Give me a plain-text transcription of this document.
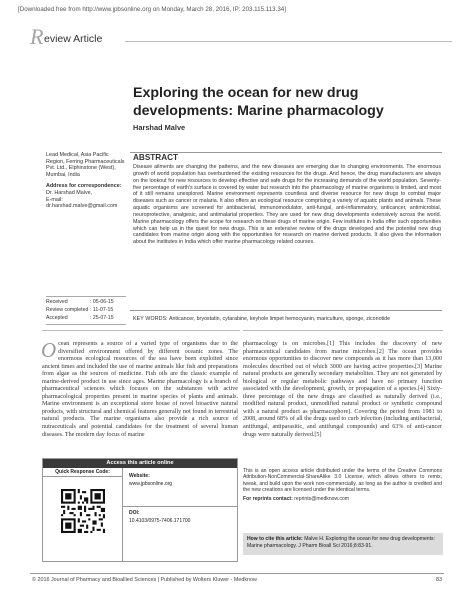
[Downloaded free from http://www.jpbsonline.org on Monday, March 28, 2016, IP: 203.115.113.34]
R eview Article
Exploring the ocean for new drug developments: Marine pharmacology
Harshad Malve
Lead Medical, Asia Pacific Region, Ferring Pharmaceuticals Pvt. Ltd., Elphinstone (West), Mumbai, India
Address for correspondence:
Dr. Harshad Malve,
E-mail: dr.harshad.malve@gmail.com
Received	: 05-06-15
Review completed : 11-07-15
Accepted	: 25-07-15
ABSTRACT
Disease ailments are changing the patterns, and the new diseases are emerging due to changing environments. The enormous growth of world population has overburdened the existing resources for the drugs. And hence, the drug manufacturers are always on the lookout for new resources to develop effective and safe drugs for the increasing demands of the world population. Seventy-five percentage of earth's surface is covered by water but research into the pharmacology of marine organisms is limited, and most of it still remains unexplored. Marine environment represents countless and diverse resource for new drugs to combat major diseases such as cancer or malaria. It also offers an ecological resource comprising a variety of aquatic plants and animals. These aquatic organisms are screened for antibacterial, immunomodulator, anti-fungal, anti-inflammatory, anticancer, antimicrobial, neuroprotective, analgesic, and antimalarial properties. They are used for new drug developments extensively across the world. Marine pharmacology offers the scope for research on these drugs of marine origin. Few institutes in India offer such opportunities which can help us in the quest for new drugs. This is an extensive review of the drugs developed and the potential new drug candidates from marine origin along with the opportunities for research on marine derived products. It also gives the information about the institutes in India which offer marine pharmacology related courses.
KEY WORDS: Anticancer, bryostatin, cytarabine, keyhole limpet hemocyanin, mariculture, sponge, ziconotide
O cean represents a source of a varied type of organisms due to the diversified environment offered by different oceanic zones. The enormous ecological resources of the sea have been exploited since ancient times and included the use of marine animals like fish and preparations from algae as the sources of medicine. Fish oils are the classic example of marine-derived product in use since ages. Marine pharmacology is a branch of pharmaceutical sciences which focuses on the substances with active pharmacological properties present in marine species of plants and animals. Marine environment is an exceptional store house of novel bioactive natural products, with structural and chemical features generally not found in terrestrial natural products. The marine organisms also provide a rich source of nutraceuticals and potential candidates for the treatment of several human diseases. The modern day focus of marine
pharmacology is on microbes.[1] This includes the discovery of new pharmaceutical candidates from marine microbes.[2] The ocean provides enormous opportunities to discover new compounds as it has more than 13,000 molecules described out of which 3000 are having active properties.[3] Marine natural products are generally secondary metabolites. They are not generated by biological or regular metabolic pathways and have no primary function associated with the development, growth, or propagation of a species.[4] Sixty-three percentage of the new drugs are classified as naturally derived (i.e., modified natural product, unmodified natural product or synthetic compound with a natural product as pharmacophore). Covering the period from 1981 to 2008, around 68% of all the drugs used to curb infection (including antibacterial, antifungal, antiparasitic, and antifungal compounds) and 63% of anti-cancer drugs were naturally derived.[5]
Access this article online
Quick Response Code:
Website:
www.jpbsonline.org
DOI:
10.4103/0975-7406.171700
This is an open access article distributed under the terms of the Creative Commons Attribution-NonCommercial-ShareAlike 3.0 License, which allows others to remix, tweak, and build upon the work non-commercially, as long as the author is credited and the new creations are licensed under the identical terms.
For reprints contact: reprints@medknow.com
How to cite this article: Malve H. Exploring the ocean for new drug developments: Marine pharmacology. J Pharm Bioall Sci 2016;8:83-91.
© 2016 Journal of Pharmacy and Bioallied Sciences | Published by Wolters Kluwer - Medknow	83
